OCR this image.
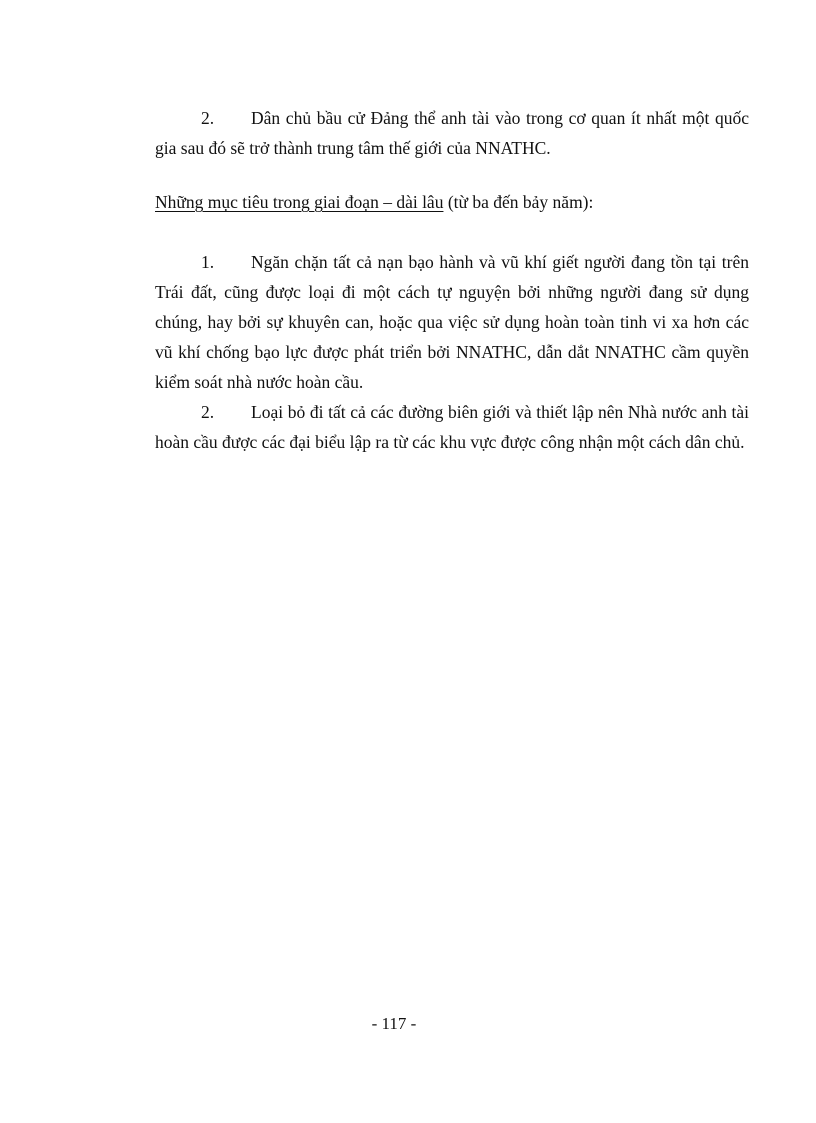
2. Dân chủ bầu cử Đảng thể anh tài vào trong cơ quan ít nhất một quốc gia sau đó sẽ trở thành trung tâm thế giới của NNATHC.

Những mục tiêu trong giai đoạn – dài lâu (từ ba đến bảy năm):

1. Ngăn chặn tất cả nạn bạo hành và vũ khí giết người đang tồn tại trên Trái đất, cũng được loại đi một cách tự nguyện bởi những người đang sử dụng chúng, hay bởi sự khuyên can, hoặc qua việc sử dụng hoàn toàn tinh vi xa hơn các vũ khí chống bạo lực được phát triển bởi NNATHC, dẫn dắt NNATHC cầm quyền kiểm soát nhà nước hoàn cầu.

2. Loại bỏ đi tất cả các đường biên giới và thiết lập nên Nhà nước anh tài hoàn cầu được các đại biểu lập ra từ các khu vực được công nhận một cách dân chủ.

- 117 -
